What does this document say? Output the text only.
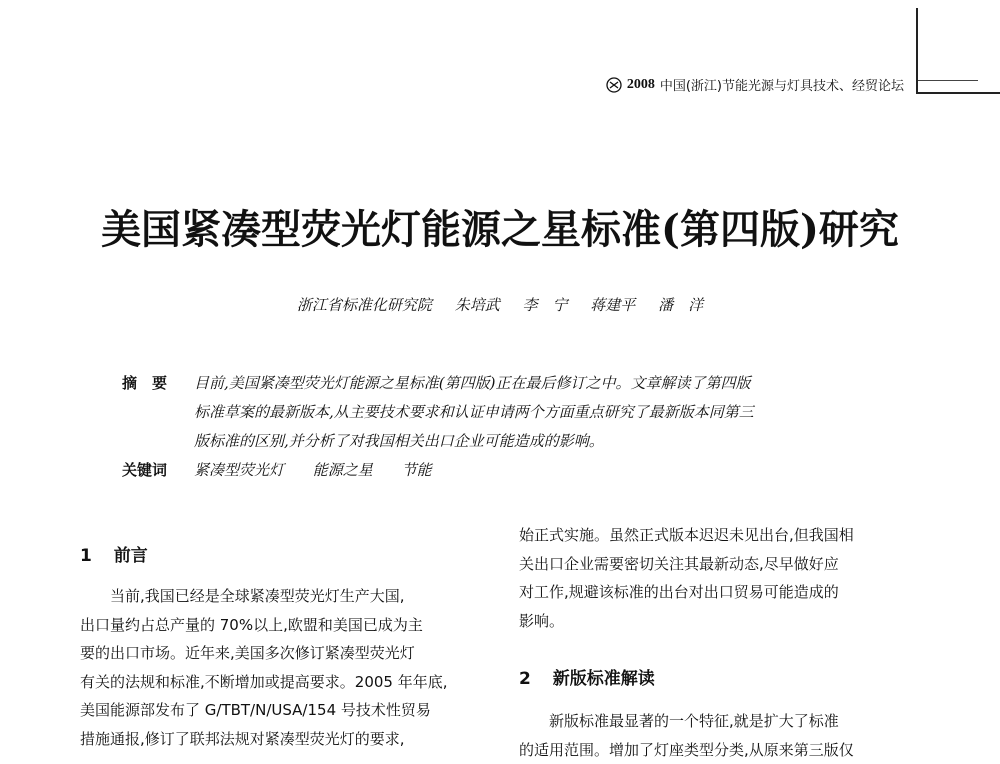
2008 中国(浙江)节能光源与灯具技术、经贸论坛
美国紧凑型荧光灯能源之星标准(第四版)研究
浙江省标准化研究院 朱培武 李　宁 蒋建平 潘　洋
摘　要	目前,美国紧凑型荧光灯能源之星标准(第四版)正在最后修订之中。文章解读了第四版
标准草案的最新版本,从主要技术要求和认证申请两个方面重点研究了最新版本同第三
版标准的区别,并分析了对我国相关出口企业可能造成的影响。
关键词	紧凑型荧光灯 能源之星 节能
1 前言
当前,我国已经是全球紧凑型荧光灯生产大国,
出口量约占总产量的 70%以上,欧盟和美国已成为主
要的出口市场。近年来,美国多次修订紧凑型荧光灯
有关的法规和标准,不断增加或提高要求。2005 年年底,
美国能源部发布了 G/TBT/N/USA/154 号技术性贸易
措施通报,修订了联邦法规对紧凑型荧光灯的要求,
始正式实施。虽然正式版本迟迟未见出台,但我国相
关出口企业需要密切关注其最新动态,尽早做好应
对工作,规避该标准的出台对出口贸易可能造成的
影响。
2 新版标准解读
新版标准最显著的一个特征,就是扩大了标准
的适用范围。增加了灯座类型分类,从原来第三版仅
